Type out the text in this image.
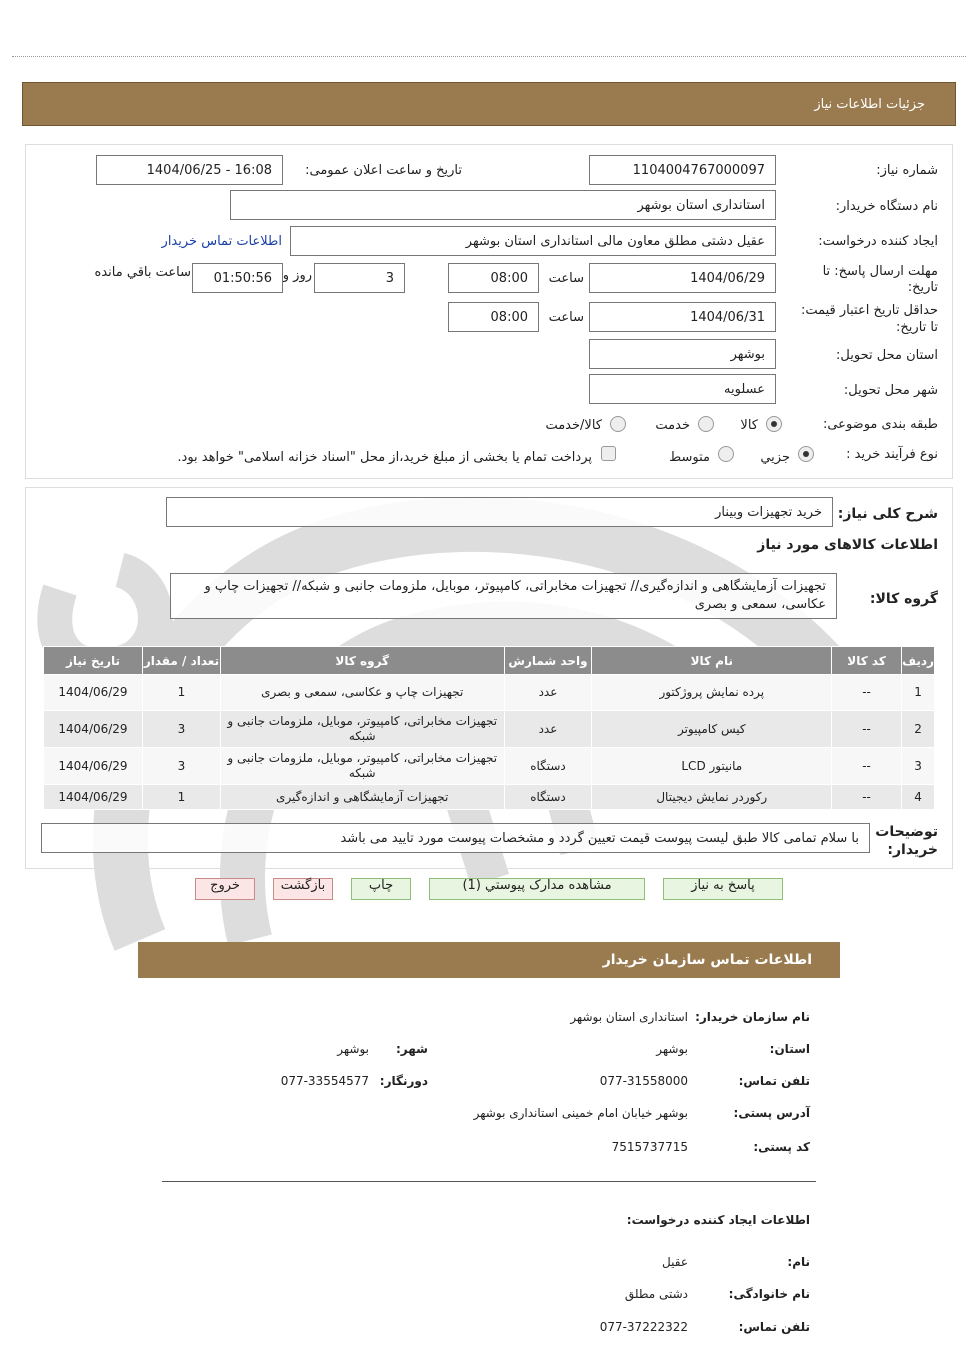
جزئیات اطلاعات نیاز
شماره نیاز:
1104004767000097
تاریخ و ساعت اعلان عمومی:
1404/06/25 - 16:08
نام دستگاه خریدار:
استانداری استان بوشهر
ایجاد کننده درخواست:
عقیل دشتی مطلق معاون مالی استانداری استان بوشهر
اطلاعات تماس خریدار
مهلت ارسال پاسخ: تا
تاریخ:
1404/06/29
ساعت
08:00
3
روز و
01:50:56
ساعت باقي مانده
حداقل تاریخ اعتبار قیمت:
تا تاریخ:
1404/06/31
ساعت
08:00
استان محل تحویل:
بوشهر
شهر محل تحویل:
عسلویه
طبقه بندی موضوعی:
کالا
خدمت
کالا/خدمت
نوع فرآیند خرید :
جزیي
متوسط
پرداخت تمام یا بخشی از مبلغ خرید،از محل "اسناد خزانه اسلامی" خواهد بود.
شرح کلی نیاز:
خرید تجهیزات وبینار
اطلاعات کالاهای مورد نیاز
گروه کالا:
تجهیزات آزمایشگاهی و اندازه‌گیری// تجهیزات مخابراتی، کامپیوتر، موبایل، ملزومات جانبی و شبکه// تجهیزات چاپ و عکاسی، سمعی و بصری
ردیف	کد کالا	نام کالا	واحد شمارش	گروه کالا	تعداد / مقدار	تاریخ نیاز
1	--	پرده نمایش پروژکتور	عدد	تجهیزات چاپ و عکاسی، سمعی و بصری	1	1404/06/29
2	--	کیس کامپیوتر	عدد	تجهیزات مخابراتی، کامپیوتر، موبایل، ملزومات جانبی و شبکه	3	1404/06/29
3	--	مانیتور LCD	دستگاه	تجهیزات مخابراتی، کامپیوتر، موبایل، ملزومات جانبی و شبکه	3	1404/06/29
4	--	رکوردر نمایش دیجیتال	دستگاه	تجهیزات آزمایشگاهی و اندازه‌گیری	1	1404/06/29
توضیحات
خریدار:
با سلام تمامی کالا طبق لیست پیوست قیمت تعیین گردد و مشخصات پیوست مورد تایید می باشد
پاسخ به نیاز
مشاهده مدارک پیوستي (1)
چاپ
بازگشت
خروج
اطلاعات تماس سازمان خریدار
نام سازمان خریدار:
استانداری استان بوشهر
استان:
بوشهر
شهر:
بوشهر
تلفن تماس:
077-31558000
دورنگار:
077-33554577
آدرس پستی:
بوشهر خیابان امام خمینی استانداری بوشهر
کد پستی:
7515737715
اطلاعات ایجاد کننده درخواست:
نام:
عقیل
نام خانوادگی:
دشتی مطلق
تلفن تماس:
077-37222322
